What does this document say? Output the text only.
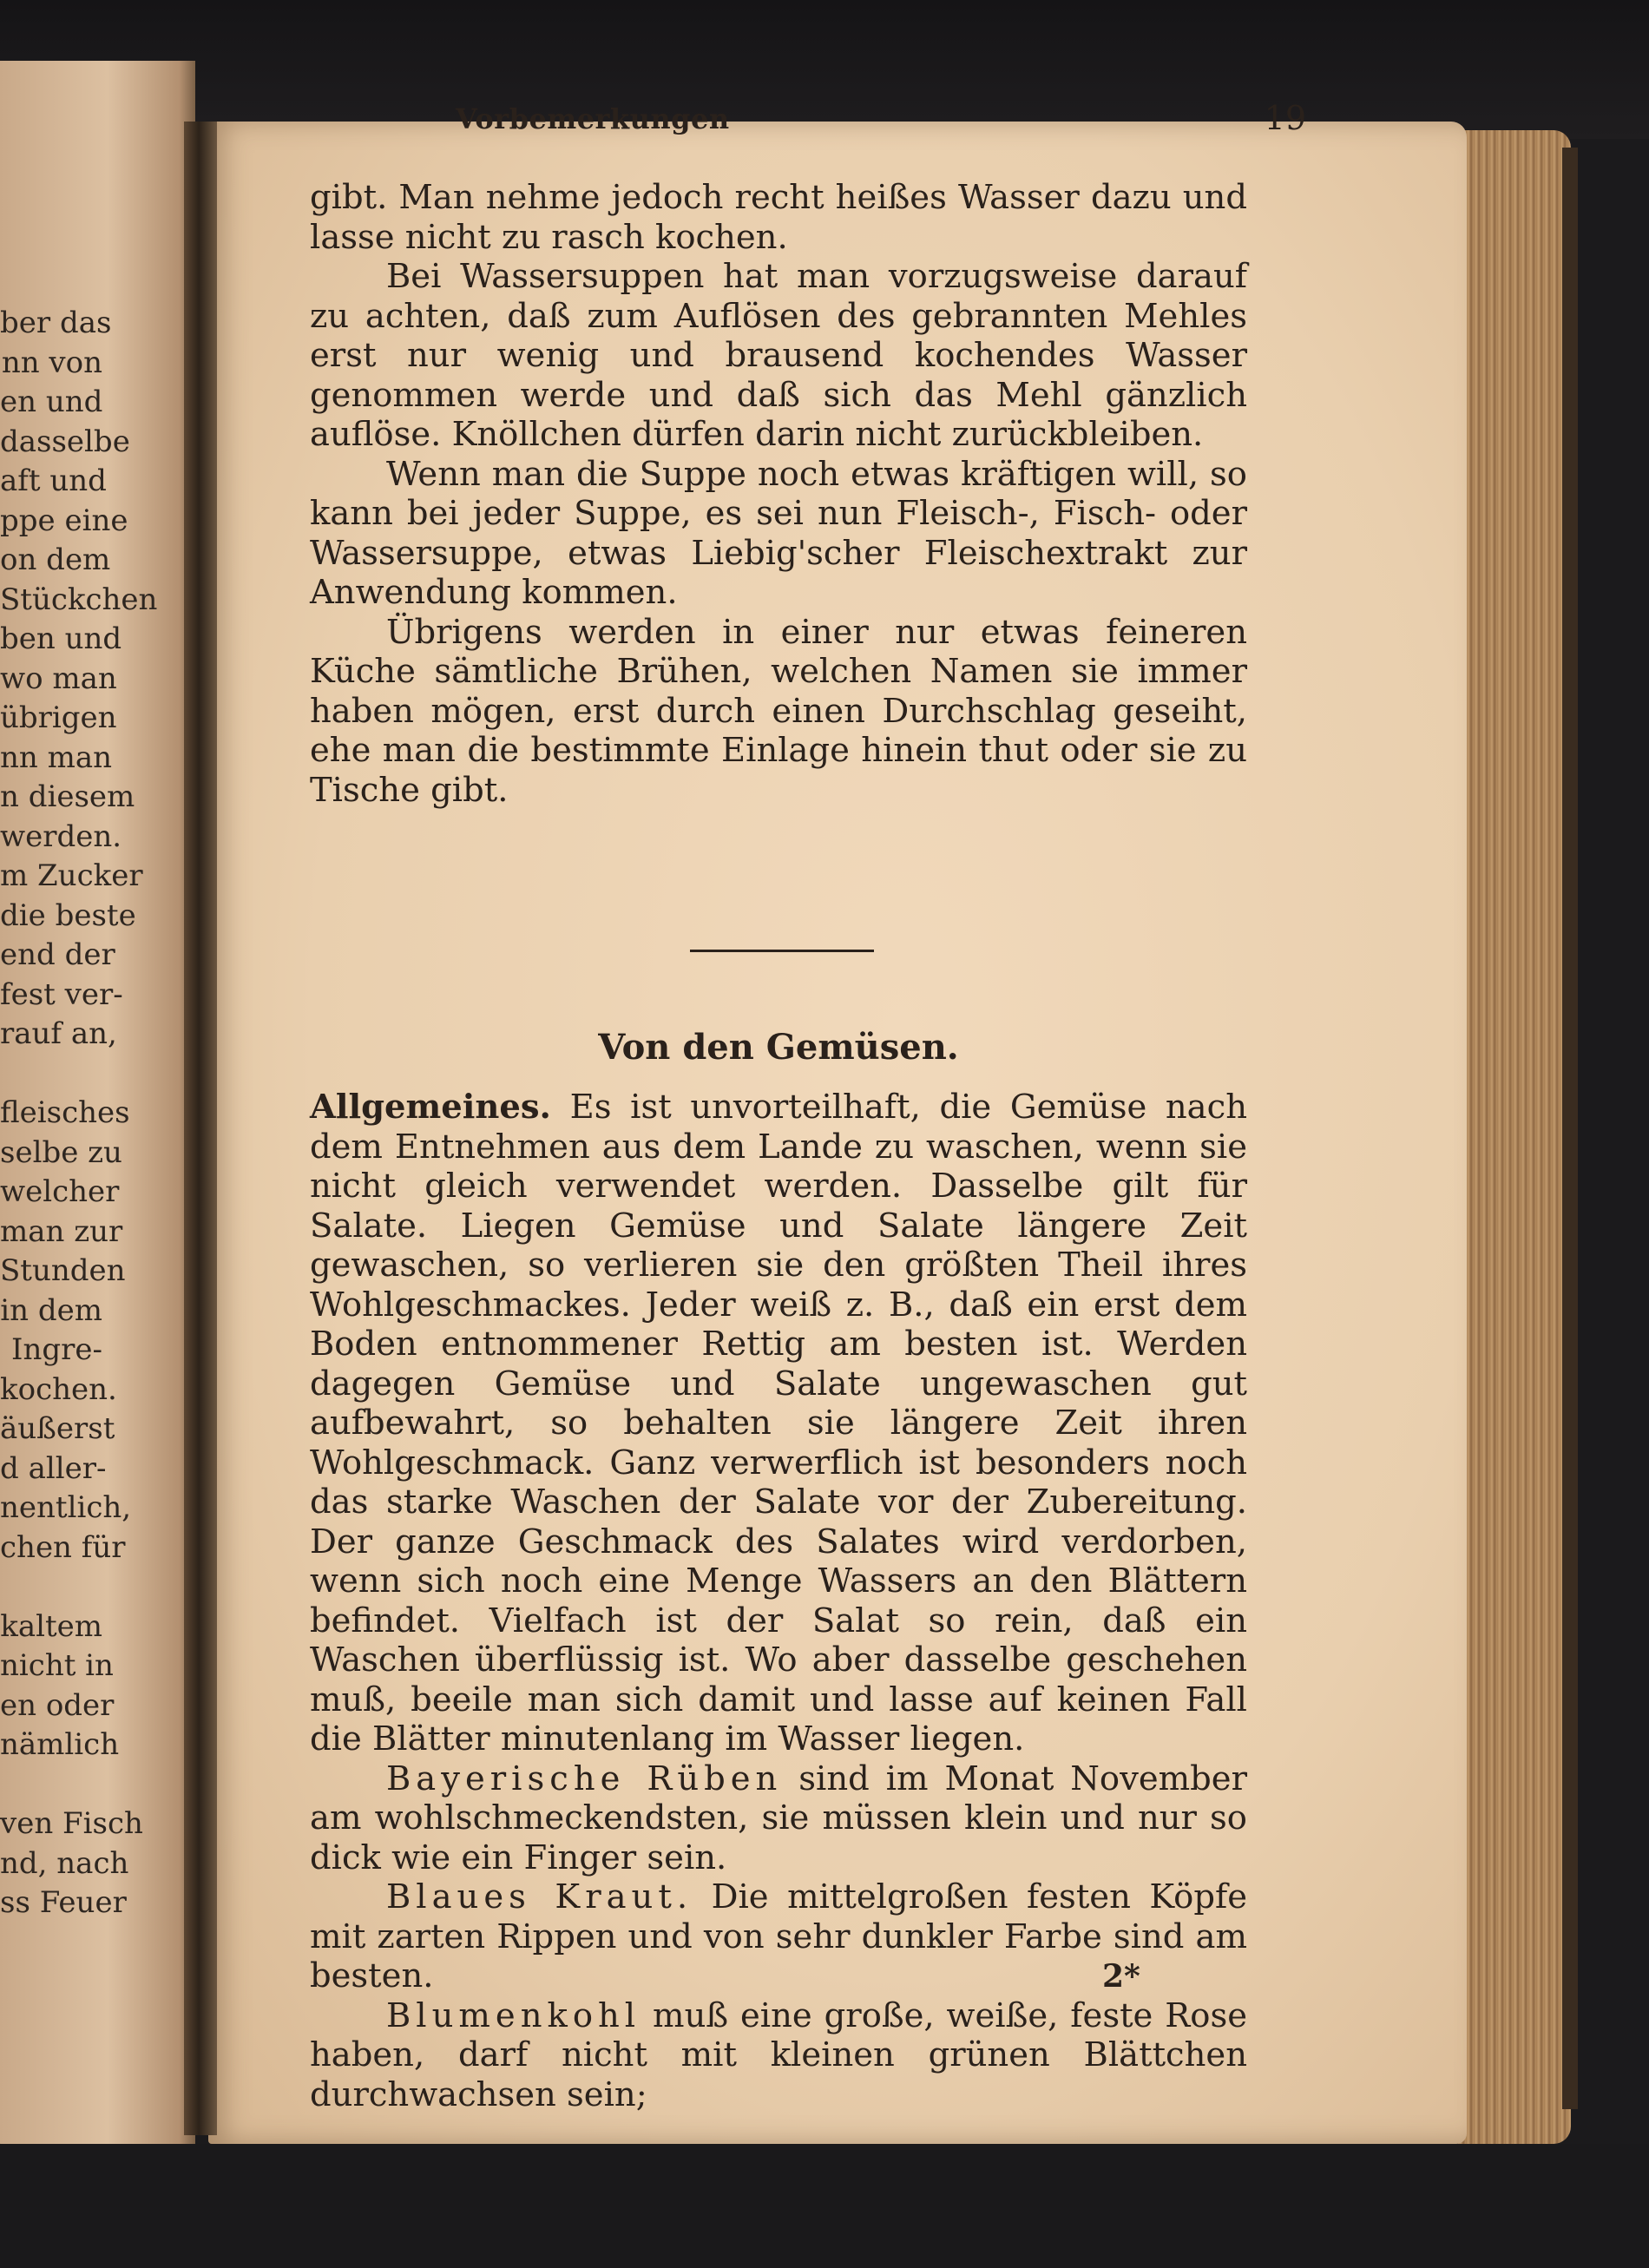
ber das
nn von
en und
dasselbe
aft und
ppe eine
on dem
Stückchen
ben und
wo man
übrigen
nn man
n diesem
werden.
m Zucker
die beste
end der
fest ver-
rauf an,
fleisches
selbe zu
welcher
man zur
Stunden
in dem
Ingre-
kochen.
äußerst
d aller-
nentlich,
chen für
kaltem
nicht in
en oder
nämlich
ven Fisch
nd, nach
ss Feuer
Vorbemerkungen	19

gibt. Man nehme jedoch recht heißes Wasser dazu und lasse nicht zu rasch kochen.

Bei Wassersuppen hat man vorzugsweise darauf zu achten, daß zum Auflösen des gebrannten Mehles erst nur wenig und brausend kochendes Wasser genommen werde und daß sich das Mehl gänzlich auflöse. Knöllchen dürfen darin nicht zurückbleiben.

Wenn man die Suppe noch etwas kräftigen will, so kann bei jeder Suppe, es sei nun Fleisch-, Fisch- oder Wassersuppe, etwas Liebig'scher Fleischextrakt zur Anwendung kommen.

Übrigens werden in einer nur etwas feineren Küche sämtliche Brühen, welchen Namen sie immer haben mögen, erst durch einen Durchschlag geseiht, ehe man die bestimmte Einlage hinein thut oder sie zu Tische gibt.

Von den Gemüsen.

Allgemeines. Es ist unvorteilhaft, die Gemüse nach dem Entnehmen aus dem Lande zu waschen, wenn sie nicht gleich verwendet werden. Dasselbe gilt für Salate. Liegen Gemüse und Salate längere Zeit gewaschen, so verlieren sie den größten Theil ihres Wohlgeschmackes. Jeder weiß z. B., daß ein erst dem Boden entnommener Rettig am besten ist. Werden dagegen Gemüse und Salate ungewaschen gut aufbewahrt, so behalten sie längere Zeit ihren Wohlgeschmack. Ganz verwerflich ist besonders noch das starke Waschen der Salate vor der Zubereitung. Der ganze Geschmack des Salates wird verdorben, wenn sich noch eine Menge Wassers an den Blättern befindet. Vielfach ist der Salat so rein, daß ein Waschen überflüssig ist. Wo aber dasselbe geschehen muß, beeile man sich damit und lasse auf keinen Fall die Blätter minutenlang im Wasser liegen.

Bayerische Rüben sind im Monat November am wohlschmeckendsten, sie müssen klein und nur so dick wie ein Finger sein.

Blaues Kraut. Die mittelgroßen festen Köpfe mit zarten Rippen und von sehr dunkler Farbe sind am besten.

Blumenkohl muß eine große, weiße, feste Rose haben, darf nicht mit kleinen grünen Blättchen durchwachsen sein;

2*
